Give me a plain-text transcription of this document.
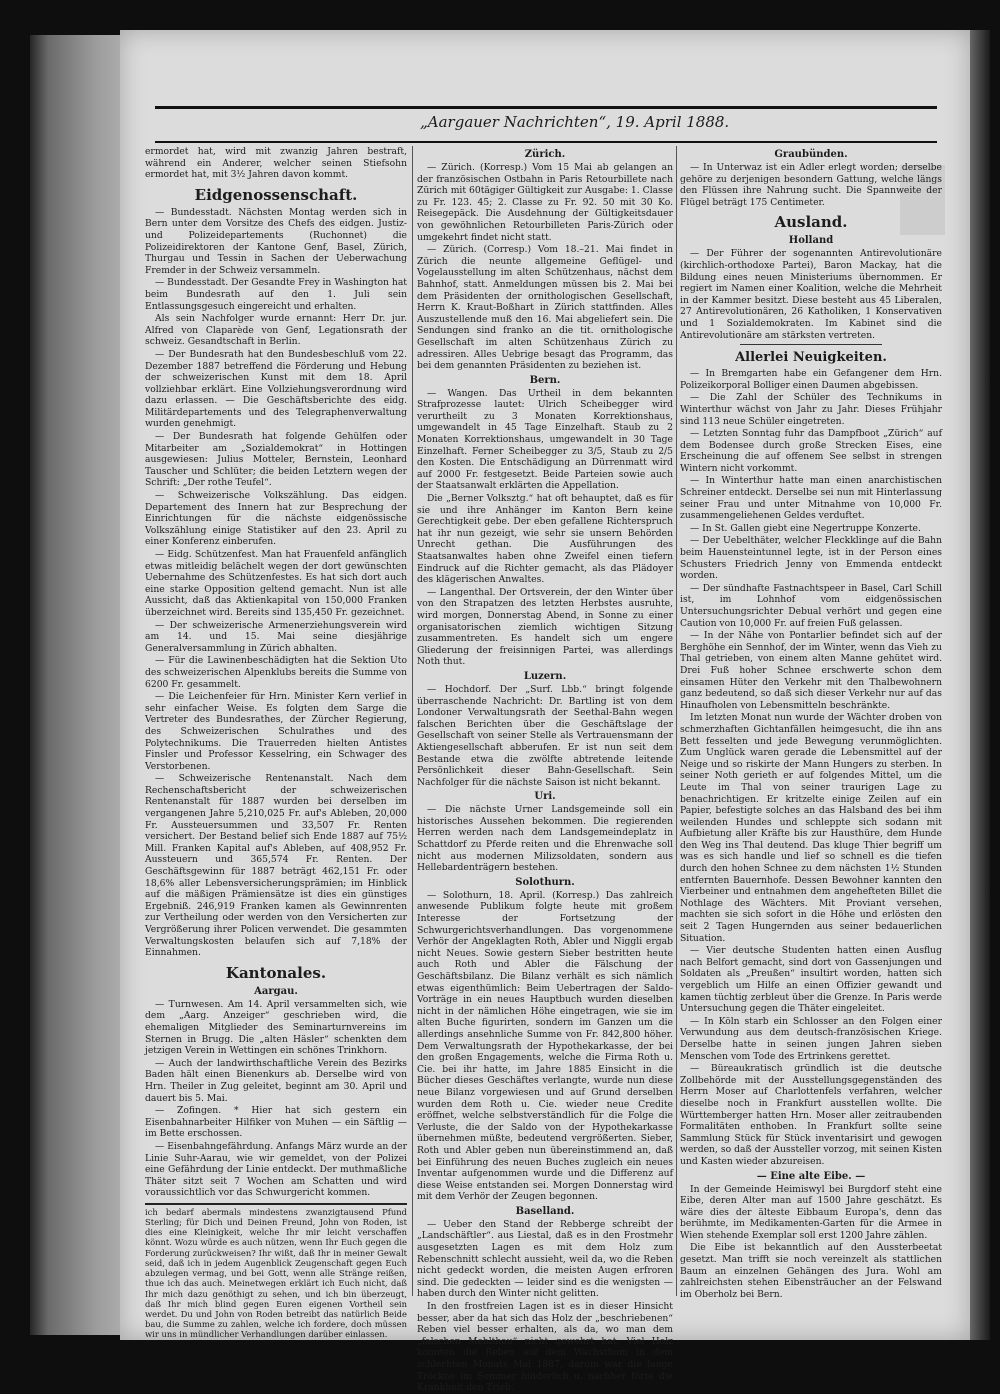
„Aargauer Nachrichten“, 19. April 1888.

ermordet hat, wird mit zwanzig Jahren bestraft, während ein Anderer, welcher seinen Stiefsohn ermordet hat, mit 3½ Jahren davon kommt.

Eidgenossenschaft.

— Bundesstadt. Nächsten Montag werden sich in Bern unter dem Vorsitze des Chefs des eidgen. Justiz- und Polizeidepartements (Ruchonnet) die Polizeidirektoren der Kantone Genf, Basel, Zürich, Thurgau und Tessin in Sachen der Ueberwachung Fremder in der Schweiz versammeln.

— Bundesstadt. Der Gesandte Frey in Washington hat beim Bundesrath auf den 1. Juli sein Entlassungsgesuch eingereicht und erhalten.

Als sein Nachfolger wurde ernannt: Herr Dr. jur. Alfred von Claparède von Genf, Legationsrath der schweiz. Gesandtschaft in Berlin.

— Der Bundesrath hat den Bundesbeschluß vom 22. Dezember 1887 betreffend die Förderung und Hebung der schweizerischen Kunst mit dem 18. April vollziehbar erklärt. Eine Vollziehungsverordnung wird dazu erlassen. — Die Geschäftsberichte des eidg. Militärdepartements und des Telegraphenverwaltung wurden genehmigt.

— Der Bundesrath hat folgende Gehülfen oder Mitarbeiter am „Sozialdemokrat“ in Hottingen ausgewiesen: Julius Motteler, Bernstein, Leonhard Tauscher und Schlüter; die beiden Letztern wegen der Schrift: „Der rothe Teufel“.

— Schweizerische Volkszählung. Das eidgen. Departement des Innern hat zur Besprechung der Einrichtungen für die nächste eidgenössische Volkszählung einige Statistiker auf den 23. April zu einer Konferenz einberufen.

— Eidg. Schützenfest. Man hat Frauenfeld anfänglich etwas mitleidig belächelt wegen der dort gewünschten Uebernahme des Schützenfestes. Es hat sich dort auch eine starke Opposition geltend gemacht. Nun ist alle Aussicht, daß das Aktienkapital von 150,000 Franken überzeichnet wird. Bereits sind 135,450 Fr. gezeichnet.

— Der schweizerische Armenerziehungsverein wird am 14. und 15. Mai seine diesjährige Generalversammlung in Zürich abhalten.

— Für die Lawinenbeschädigten hat die Sektion Uto des schweizerischen Alpenklubs bereits die Summe von 6200 Fr. gesammelt.

— Die Leichenfeier für Hrn. Minister Kern verlief in sehr einfacher Weise. Es folgten dem Sarge die Vertreter des Bundesrathes, der Zürcher Regierung, des Schweizerischen Schulrathes und des Polytechnikums. Die Trauerreden hielten Antistes Finsler und Professor Kesselring, ein Schwager des Verstorbenen.

— Schweizerische Rentenanstalt. Nach dem Rechenschaftsbericht der schweizerischen Rentenanstalt für 1887 wurden bei derselben im vergangenen Jahre 5,210,025 Fr. auf's Ableben, 20,000 Fr. Aussteuersummen und 33,507 Fr. Renten versichert. Der Bestand belief sich Ende 1887 auf 75½ Mill. Franken Kapital auf's Ableben, auf 408,952 Fr. Aussteuern und 365,574 Fr. Renten. Der Geschäftsgewinn für 1887 beträgt 462,151 Fr. oder 18,6% aller Lebensversicherungsprämien; im Hinblick auf die mäßigen Prämiensätze ist dies ein günstiges Ergebniß. 246,919 Franken kamen als Gewinnrenten zur Vertheilung oder werden von den Versicherten zur Vergrößerung ihrer Policen verwendet. Die gesammten Verwaltungskosten belaufen sich auf 7,18% der Einnahmen.

Kantonales.
Aargau.

— Turnwesen. Am 14. April versammelten sich, wie dem „Aarg. Anzeiger“ geschrieben wird, die ehemaligen Mitglieder des Seminarturnvereins im Sternen in Brugg. Die „alten Häsler“ schenkten dem jetzigen Verein in Wettingen ein schönes Trinkhorn.

— Auch der landwirthschaftliche Verein des Bezirks Baden hält einen Bienenkurs ab. Derselbe wird von Hrn. Theiler in Zug geleitet, beginnt am 30. April und dauert bis 5. Mai.

— Zofingen. * Hier hat sich gestern ein Eisenbahnarbeiter Hilfiker von Muhen — ein Säftlig — im Bette erschossen.

— Eisenbahngefährdung. Anfangs März wurde an der Linie Suhr-Aarau, wie wir gemeldet, von der Polizei eine Gefährdung der Linie entdeckt. Der muthmaßliche Thäter sitzt seit 7 Wochen am Schatten und wird voraussichtlich vor das Schwurgericht kommen.

ich bedarf abermals mindestens zwanzigtausend Pfund Sterling; für Dich und Deinen Freund, John von Roden, ist dies eine Kleinigkeit, welche Ihr mir leicht verschaffen könnt. Wozu würde es auch nützen, wenn Ihr Euch gegen die Forderung zurückweisen? Ihr wißt, daß Ihr in meiner Gewalt seid, daß ich in jedem Augenblick Zeugenschaft gegen Euch abzulegen vermag, und bei Gott, wenn alle Stränge reißen, thue ich das auch. Meinetwegen erklärt ich Euch nicht, daß Ihr mich dazu genöthigt zu sehen, und ich bin überzeugt, daß Ihr mich blind gegen Euren eigenen Vortheil sein werdet. Du und John von Roden betreibt das natürlich Beide bau, die Summe zu zahlen, welche ich fordere, doch müssen wir uns in mündlicher Verhandlungen darüber einlassen.

Zürich.

— Zürich. (Korresp.) Vom 15 Mai ab gelangen an der französischen Ostbahn in Paris Retourbillete nach Zürich mit 60tägiger Gültigkeit zur Ausgabe: 1. Classe zu Fr. 123. 45; 2. Classe zu Fr. 92. 50 mit 30 Ko. Reisegepäck. Die Ausdehnung der Gültigkeitsdauer von gewöhnlichen Retourbilleten Paris-Zürich oder umgekehrt findet nicht statt.

— Zürich. (Corresp.) Vom 18.–21. Mai findet in Zürich die neunte allgemeine Geflügel- und Vogelausstellung im alten Schützenhaus, nächst dem Bahnhof, statt. Anmeldungen müssen bis 2. Mai bei dem Präsidenten der ornithologischen Gesellschaft, Herrn K. Kraut-Boßhart in Zürich stattfinden. Alles Auszustellende muß den 16. Mai abgeliefert sein. Die Sendungen sind franko an die tit. ornithologische Gesellschaft im alten Schützenhaus Zürich zu adressiren. Alles Uebrige besagt das Programm, das bei dem genannten Präsidenten zu beziehen ist.

Bern.

— Wangen. Das Urtheil in dem bekannten Strafprozesse lautet: Ulrich Scheibegger wird verurtheilt zu 3 Monaten Korrektionshaus, umgewandelt in 45 Tage Einzelhaft. Staub zu 2 Monaten Korrektionshaus, umgewandelt in 30 Tage Einzelhaft. Ferner Scheibegger zu 3/5, Staub zu 2/5 den Kosten. Die Entschädigung an Dürrenmatt wird auf 2000 Fr. festgesetzt. Beide Parteien sowie auch der Staatsanwalt erklärten die Appellation.

Die „Berner Volksztg.“ hat oft behauptet, daß es für sie und ihre Anhänger im Kanton Bern keine Gerechtigkeit gebe. Der eben gefallene Richterspruch hat ihr nun gezeigt, wie sehr sie unsern Behörden Unrecht gethan. Die Ausführungen des Staatsanwaltes haben ohne Zweifel einen tiefern Eindruck auf die Richter gemacht, als das Plädoyer des klägerischen Anwaltes.

— Langenthal. Der Ortsverein, der den Winter über von den Strapatzen des letzten Herbstes ausruhte, wird morgen, Donnerstag Abend, in Sonne zu einer organisatorischen ziemlich wichtigen Sitzung zusammentreten. Es handelt sich um engere Gliederung der freisinnigen Partei, was allerdings Noth thut.

Luzern.

— Hochdorf. Der „Surf. Lbb.“ bringt folgende überraschende Nachricht: Dr. Bartling ist von dem Londoner Verwaltungsrath der Seethal-Bahn wegen falschen Berichten über die Geschäftslage der Gesellschaft von seiner Stelle als Vertrauensmann der Aktiengesellschaft abberufen. Er ist nun seit dem Bestande etwa die zwölfte abtretende leitende Persönlichkeit dieser Bahn-Gesellschaft. Sein Nachfolger für die nächste Saison ist nicht bekannt.

Uri.

— Die nächste Urner Landsgemeinde soll ein historisches Aussehen bekommen. Die regierenden Herren werden nach dem Landsgemeindeplatz in Schattdorf zu Pferde reiten und die Ehrenwache soll nicht aus modernen Milizsoldaten, sondern aus Hellebardenträgern bestehen.

Solothurn.

— Solothurn, 18. April. (Korresp.) Das zahlreich anwesende Publikum folgte heute mit großem Interesse der Fortsetzung der Schwurgerichtsverhandlungen. Das vorgenommene Verhör der Angeklagten Roth, Abler und Niggli ergab nicht Neues. Sowie gestern Sieber bestritten heute auch Roth und Abler die Fälschung der Geschäftsbilanz. Die Bilanz verhält es sich nämlich etwas eigenthümlich: Beim Uebertragen der Saldo-Vorträge in ein neues Hauptbuch wurden dieselben nicht in der nämlichen Höhe eingetragen, wie sie im alten Buche figurirten, sondern im Ganzen um die allerdings ansehnliche Summe von Fr. 842,800 höher. Dem Verwaltungsrath der Hypothekarkasse, der bei den großen Engagements, welche die Firma Roth u. Cie. bei ihr hatte, im Jahre 1885 Einsicht in die Bücher dieses Geschäftes verlangte, wurde nun diese neue Bilanz vorgewiesen und auf Grund derselben wurden dem Roth u. Cie. wieder neue Credite eröffnet, welche selbstverständlich für die Folge die Verluste, die der Saldo von der Hypothekarkasse übernehmen müßte, bedeutend vergrößerten. Sieber, Roth und Abler geben nun übereinstimmend an, daß bei Einführung des neuen Buches zugleich ein neues Inventar aufgenommen wurde und die Differenz auf diese Weise entstanden sei. Morgen Donnerstag wird mit dem Verhör der Zeugen begonnen.

Baselland.

— Ueber den Stand der Rebberge schreibt der „Landschäftler“. aus Liestal, daß es in den Frostmehr ausgesetzten Lagen es mit dem Holz zum Rebenschnitt schlecht aussieht, weil da, wo die Reben nicht gedeckt worden, die meisten Augen erfroren sind. Die gedeckten — leider sind es die wenigsten — haben durch den Winter nicht gelitten.

In den frostfreien Lagen ist es in dieser Hinsicht besser, aber da hat sich das Holz der „beschriebenen“ Reben viel besser erhalten, als da, wo man dem „falschen Mehlthau“ nicht gewehrt hat. Viel Holz konnten die Reben auf dem Wachsthum in dem schlechten Monats Mai 1887, darum war die lange Tröckne im Sommer hinderlich u. nachher förte die Krankheit den Trieb.

Graubünden.

— In Unterwaz ist ein Adler erlegt worden; derselbe gehöre zu derjenigen besondern Gattung, welche längs den Flüssen ihre Nahrung sucht. Die Spannweite der Flügel beträgt 175 Centimeter.

Ausland.
Holland

— Der Führer der sogenannten Antirevolutionäre (kirchlich-orthodoxe Partei), Baron Mackay, hat die Bildung eines neuen Ministeriums übernommen. Er regiert im Namen einer Koalition, welche die Mehrheit in der Kammer besitzt. Diese besteht aus 45 Liberalen, 27 Antirevolutionären, 26 Katholiken, 1 Konservativen und 1 Sozialdemokraten. Im Kabinet sind die Antirevolutionäre am stärksten vertreten.

Allerlei Neuigkeiten.

— In Bremgarten habe ein Gefangener dem Hrn. Polizeikorporal Bolliger einen Daumen abgebissen.

— Die Zahl der Schüler des Technikums in Winterthur wächst von Jahr zu Jahr. Dieses Frühjahr sind 113 neue Schüler eingetreten.

— Letzten Sonntag fuhr das Dampfboot „Zürich“ auf dem Bodensee durch große Strecken Eises, eine Erscheinung die auf offenem See selbst in strengen Wintern nicht vorkommt.

— In Winterthur hatte man einen anarchistischen Schreiner entdeckt. Derselbe sei nun mit Hinterlassung seiner Frau und unter Mitnahme von 10,000 Fr. zusammengeliehenen Geldes verduftet.

— In St. Gallen giebt eine Negertruppe Konzerte.

— Der Uebelthäter, welcher Fleckklinge auf die Bahn beim Hauensteintunnel legte, ist in der Person eines Schusters Friedrich Jenny von Emmenda entdeckt worden.

— Der sündhafte Fastnachtspeer in Basel, Carl Schill ist, im Lohnhof vom eidgenössischen Untersuchungsrichter Debual verhört und gegen eine Caution von 10,000 Fr. auf freien Fuß gelassen.

— In der Nähe von Pontarlier befindet sich auf der Berghöhe ein Sennhof, der im Winter, wenn das Vieh zu Thal getrieben, von einem alten Manne gehütet wird. Drei Fuß hoher Schnee erschwerte schon dem einsamen Hüter den Verkehr mit den Thalbewohnern ganz bedeutend, so daß sich dieser Verkehr nur auf das Hinaufholen von Lebensmitteln beschränkte.

Im letzten Monat nun wurde der Wächter droben von schmerzhaften Gichtanfällen heimgesucht, die ihn ans Bett fesselten und jede Bewegung verunmöglichten. Zum Unglück waren gerade die Lebensmittel auf der Neige und so riskirte der Mann Hungers zu sterben. In seiner Noth gerieth er auf folgendes Mittel, um die Leute im Thal von seiner traurigen Lage zu benachrichtigen. Er kritzelte einige Zeilen auf ein Papier, befestigte solches an das Halsband des bei ihm weilenden Hundes und schleppte sich sodann mit Aufbietung aller Kräfte bis zur Hausthüre, dem Hunde den Weg ins Thal deutend. Das kluge Thier begriff um was es sich handle und lief so schnell es die tiefen durch den hohen Schnee zu dem nächsten 1½ Stunden entfernten Bauernhofe. Dessen Bewohner kannten den Vierbeiner und entnahmen dem angehefteten Billet die Nothlage des Wächters. Mit Proviant versehen, machten sie sich sofort in die Höhe und erlösten den seit 2 Tagen Hungernden aus seiner bedauerlichen Situation.

— Vier deutsche Studenten hatten einen Ausflug nach Belfort gemacht, sind dort von Gassenjungen und Soldaten als „Preußen“ insultirt worden, hatten sich vergeblich um Hilfe an einen Offizier gewandt und kamen tüchtig zerbleut über die Grenze. In Paris werde Untersuchung gegen die Thäter eingeleitet.

— In Köln starb ein Schlosser an den Folgen einer Verwundung aus dem deutsch-französischen Kriege. Derselbe hatte in seinen jungen Jahren sieben Menschen vom Tode des Ertrinkens gerettet.

— Büreaukratisch gründlich ist die deutsche Zollbehörde mit der Ausstellungsgegenständen des Herrn Moser auf Charlottenfels verfahren, welcher dieselbe noch in Frankfurt ausstellen wollte. Die Württemberger hatten Hrn. Moser aller zeitraubenden Formalitäten enthoben. In Frankfurt sollte seine Sammlung Stück für Stück inventarisirt und gewogen werden, so daß der Aussteller vorzog, mit seinen Kisten und Kasten wieder abzureisen.

— Eine alte Eibe. —

In der Gemeinde Heimiswyl bei Burgdorf steht eine Eibe, deren Alter man auf 1500 Jahre geschätzt. Es wäre dies der älteste Eibbaum Europa's, denn das berühmte, im Medikamenten-Garten für die Armee in Wien stehende Exemplar soll erst 1200 Jahre zählen.

Die Eibe ist bekanntlich auf den Aussterbeetat gesetzt. Man trifft sie noch vereinzelt als stattlichen Baum an einzelnen Gehängen des Jura. Wohl am zahlreichsten stehen Eibensträucher an der Felswand im Oberholz bei Bern.
